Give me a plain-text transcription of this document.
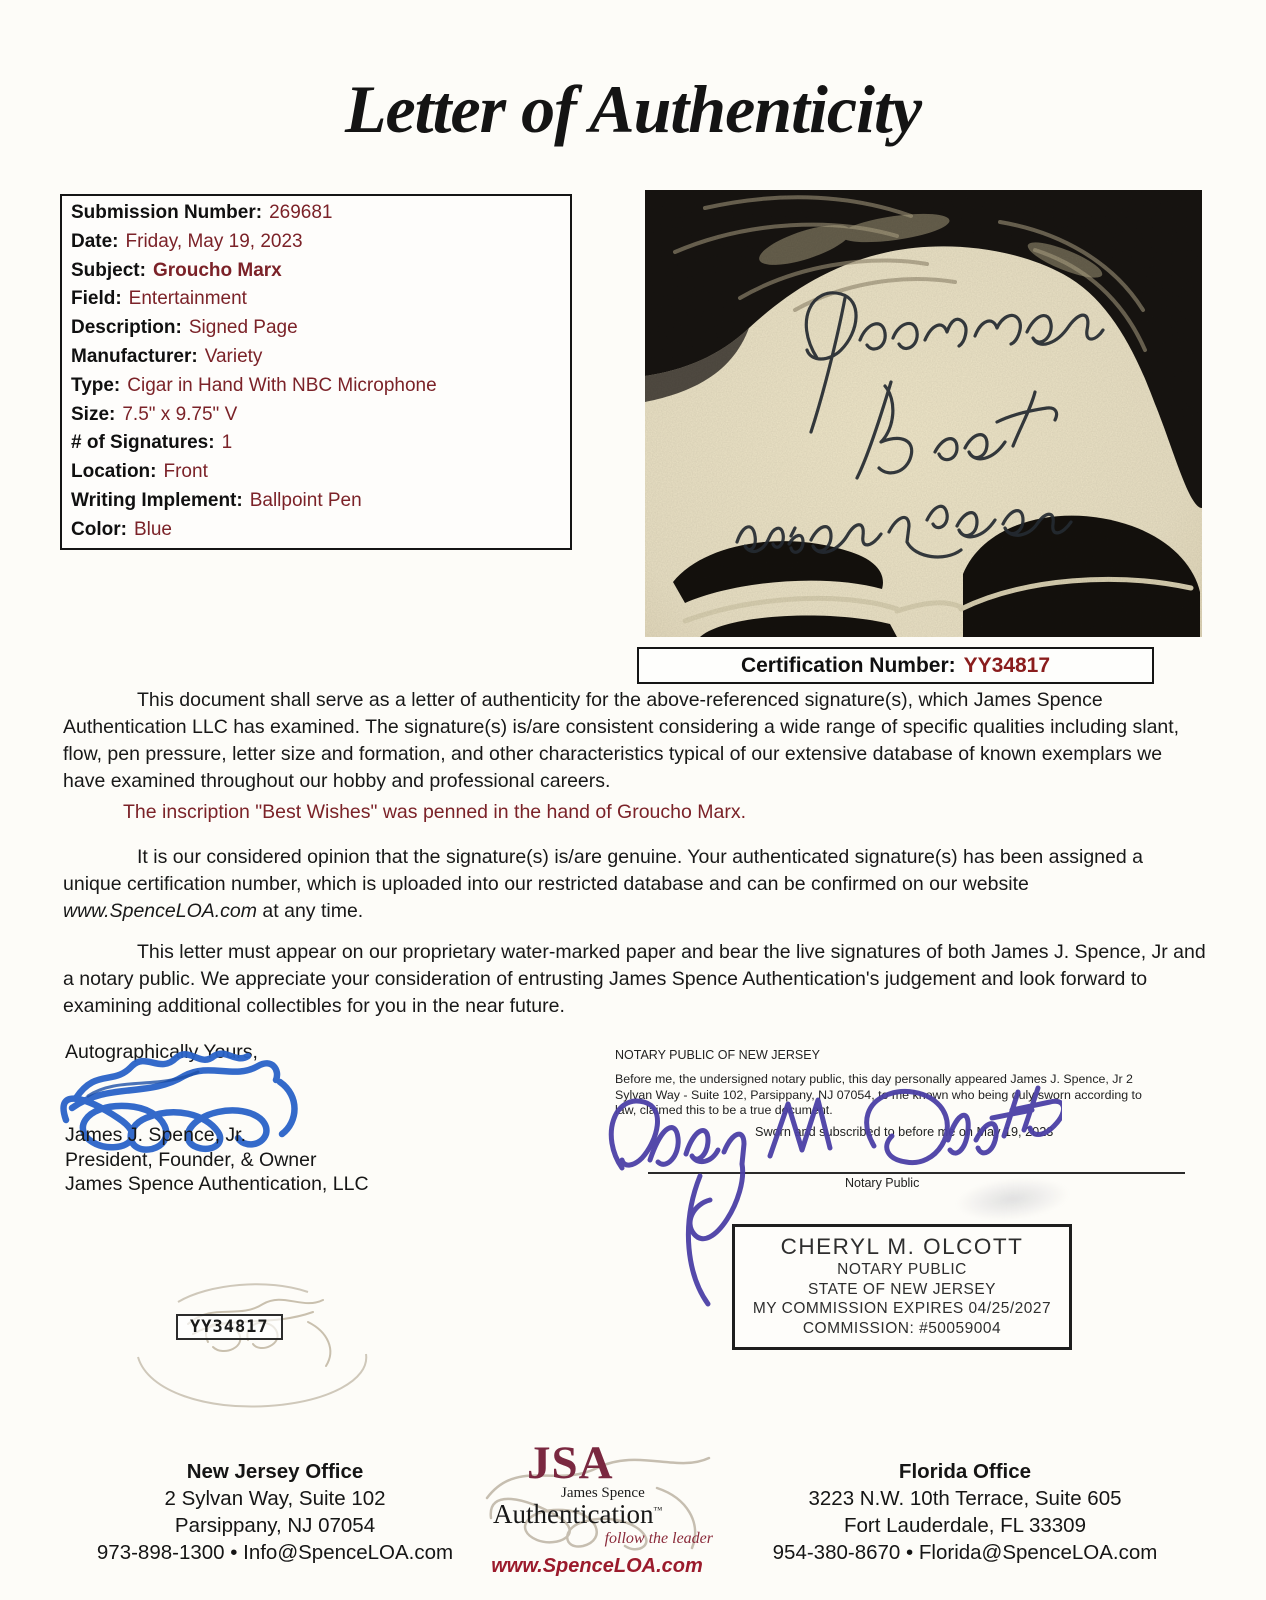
Letter of Authenticity
Submission Number: 269681
Date: Friday, May 19, 2023
Subject: Groucho Marx
Field: Entertainment
Description: Signed Page
Manufacturer: Variety
Type: Cigar in Hand With NBC Microphone
Size: 7.5" x 9.75" V
# of Signatures: 1
Location: Front
Writing Implement: Ballpoint Pen
Color: Blue
Certification Number: YY34817
This document shall serve as a letter of authenticity for the above-referenced signature(s), which James Spence Authentication LLC has examined. The signature(s) is/are consistent considering a wide range of specific qualities including slant, flow, pen pressure, letter size and formation, and other characteristics typical of our extensive database of known exemplars we have examined throughout our hobby and professional careers.
The inscription "Best Wishes" was penned in the hand of Groucho Marx.
It is our considered opinion that the signature(s) is/are genuine. Your authenticated signature(s) has been assigned a unique certification number, which is uploaded into our restricted database and can be confirmed on our website www.SpenceLOA.com at any time.
This letter must appear on our proprietary water-marked paper and bear the live signatures of both James J. Spence, Jr and a notary public. We appreciate your consideration of entrusting James Spence Authentication's judgement and look forward to examining additional collectibles for you in the near future.
Autographically Yours,
James J. Spence, Jr.
President, Founder, & Owner
James Spence Authentication, LLC
NOTARY PUBLIC OF NEW JERSEY
Before me, the undersigned notary public, this day personally appeared James J. Spence, Jr 2 Sylvan Way - Suite 102, Parsippany, NJ 07054, to me known who being duly sworn according to law, claimed this to be a true document.
Sworn and subscribed to before me on May 19, 2023
Notary Public
CHERYL M. OLCOTT
NOTARY PUBLIC
STATE OF NEW JERSEY
MY COMMISSION EXPIRES 04/25/2027
COMMISSION: #50059004
YY34817
New Jersey Office
2 Sylvan Way, Suite 102
Parsippany, NJ 07054
973-898-1300 • Info@SpenceLOA.com
JSA
James Spence
Authentication™
follow the leader
www.SpenceLOA.com
Florida Office
3223 N.W. 10th Terrace, Suite 605
Fort Lauderdale, FL 33309
954-380-8670 • Florida@SpenceLOA.com
